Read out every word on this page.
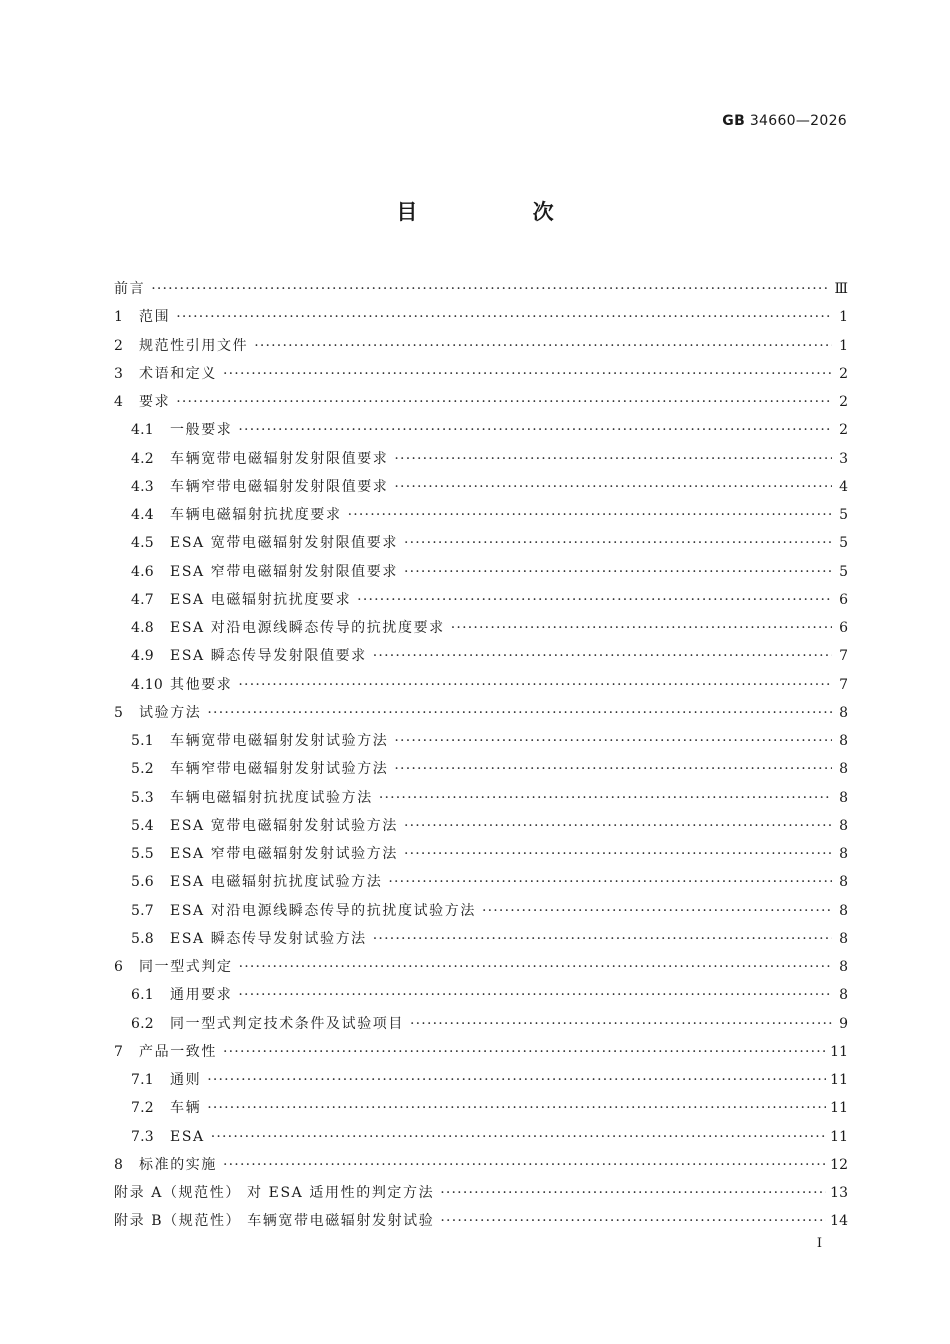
GB 34660—2026
目 次
前言 ·····	Ⅲ
1	范围 ·····	1
2	规范性引用文件 ·····	1
3	术语和定义 ·····	2
4	要求 ·····	2
4.1	一般要求 ·····	2
4.2	车辆宽带电磁辐射发射限值要求 ·····	3
4.3	车辆窄带电磁辐射发射限值要求 ·····	4
4.4	车辆电磁辐射抗扰度要求 ·····	5
4.5	ESA 宽带电磁辐射发射限值要求 ·····	5
4.6	ESA 窄带电磁辐射发射限值要求 ·····	5
4.7	ESA 电磁辐射抗扰度要求 ·····	6
4.8	ESA 对沿电源线瞬态传导的抗扰度要求 ·····	6
4.9	ESA 瞬态传导发射限值要求 ·····	7
4.10 其他要求 ·····	7
5	试验方法 ·····	8
5.1	车辆宽带电磁辐射发射试验方法 ·····	8
5.2	车辆窄带电磁辐射发射试验方法 ·····	8
5.3	车辆电磁辐射抗扰度试验方法 ·····	8
5.4	ESA 宽带电磁辐射发射试验方法 ·····	8
5.5	ESA 窄带电磁辐射发射试验方法 ·····	8
5.6	ESA 电磁辐射抗扰度试验方法 ·····	8
5.7	ESA 对沿电源线瞬态传导的抗扰度试验方法 ·····	8
5.8	ESA 瞬态传导发射试验方法 ·····	8
6	同一型式判定 ·····	8
6.1	通用要求 ·····	8
6.2	同一型式判定技术条件及试验项目 ·····	9
7	产品一致性 ·····	11
7.1	通则 ·····	11
7.2	车辆 ·····	11
7.3	ESA ·····	11
8	标准的实施 ·····	12
附录 A（规范性） 对 ESA 适用性的判定方法 ·····	13
附录 B（规范性） 车辆宽带电磁辐射发射试验 ·····	14
I
